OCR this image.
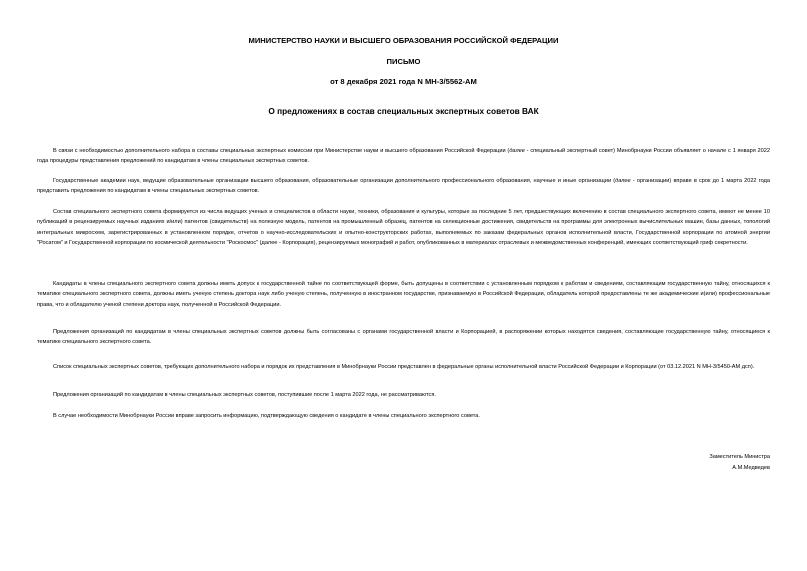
МИНИСТЕРСТВО НАУКИ И ВЫСШЕГО ОБРАЗОВАНИЯ РОССИЙСКОЙ ФЕДЕРАЦИИ
ПИСЬМО
от 8 декабря 2021 года N МН-3/5562-АМ
О предложениях в состав специальных экспертных советов ВАК

В связи с необходимостью дополнительного набора в составы специальных экспертных комиссии при Министерстве науки и высшего образования Российской Федерации (далее - специальный экспертный совет) Минобрнауки России объявляет о начале с 1 января 2022 года процедуры представления предложений по кандидатам в члены специальных экспертных советов.

Государственные академии наук, ведущие образовательные организации высшего образования, образовательные организации дополнительного профессионального образования, научные и иные организации (далее - организации) вправе в срок до 1 марта 2022 года представить предложения по кандидатам в члены специальных экспертных советов.

Состав специального экспертного совета формируется из числа ведущих ученых и специалистов в области науки, техники, образования и культуры, которые за последние 5 лет, предшествующих включению в состав специального экспертного совета, имеют не менее 10 публикаций в рецензируемых научных изданиях и/или) патентов (свидетельств) на полезную модель, патентов на промышленный образец, патентов на селекционные достижения, свидетельств на программы для электронных вычислительных машин, базы данных, топологий интегральных микросхем, зарегистрированных в установленном порядке, отчетов о научно-исследовательских и опытно-конструкторских работах, выполняемых по заказам федеральных органов исполнительной власти, Государственной корпорации по атомной энергии "Росатом" и Государственной корпорации по космической деятельности "Роскосмос" (далее - Корпорация), рецензируемых монографий и работ, опубликованных в материалах отраслевых и межведомственных конференций, имеющих соответствующий гриф секретности.

Кандидаты в члены специального экспертного совета должны иметь допуск к государственной тайне по соответствующей форме, быть допущены в соответствии с установленным порядком к работам и сведениям, составляющим государственную тайну, относящихся к тематике специального экспертного совета, должны иметь ученую степень доктора наук либо ученую степень, полученную в иностранном государстве, признаваемую в Российской Федерации, обладатель которой предоставлены те же академические и(или) профессиональные права, что и обладателю ученой степени доктора наук, полученной в Российской Федерации.

Предложения организаций по кандидатам в члены специальных экспертных советов должны быть согласованы с органами государственной власти и Корпорацией, в распоряжении которых находятся сведения, составляющие государственную тайну, относящиеся к тематике специального экспертного совета.

Список специальных экспертных советов, требующих дополнительного набора и порядок их представления в Минобрнауки России представлен в федеральные органы исполнительной власти Российской Федерации и Корпорации (от 03.12.2021 N МН-3/5450-АМ дсп).

Предложения организаций по кандидатам в члены специальных экспертных советов, поступившие после 1 марта 2022 года, не рассматриваются.

В случае необходимости Минобрнауки России вправе запросить информацию, подтверждающую сведения о кандидате в члены специального экспертного совета.

Заместитель Министра
А.М.Медведев
